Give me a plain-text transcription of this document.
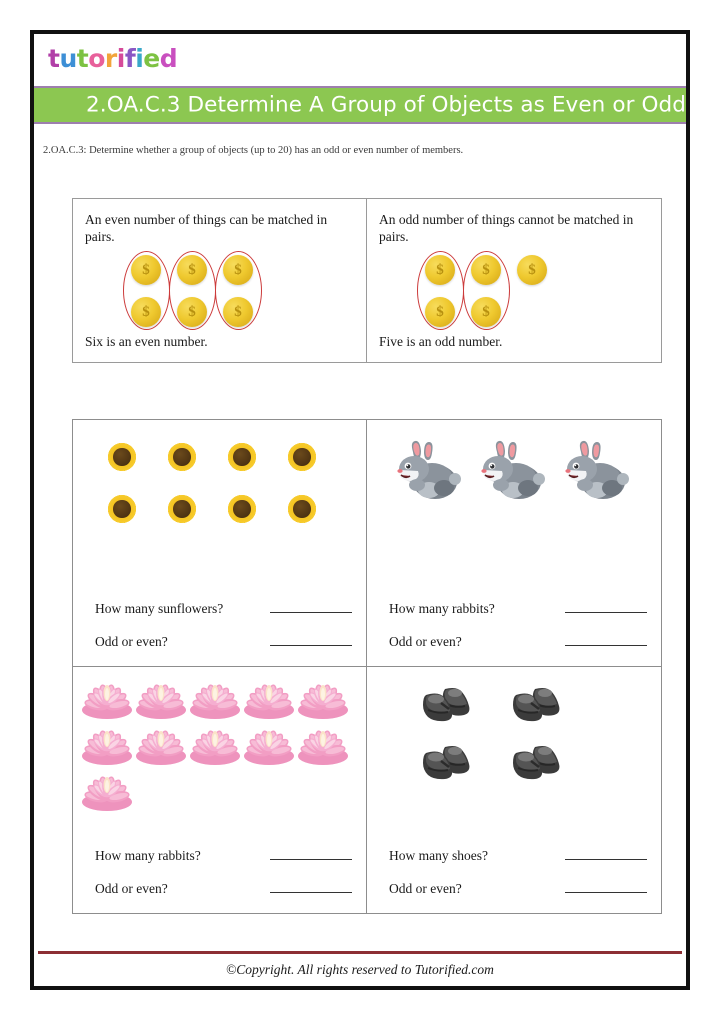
tutorified
2.OA.C.3 Determine A Group of Objects as Even or Odd
2.OA.C.3: Determine whether a group of objects (up to 20) has an odd or even number of members.

An even number of things can be matched in pairs.

$
$
$
$
$
$

Six is an even number.

An odd number of things cannot be matched in pairs.

$
$
$
$
$

Five is an odd number.

How many sunflowers?
Odd or even?
How many rabbits?
Odd or even?
How many rabbits?
Odd or even?
How many shoes?
Odd or even?
©Copyright. All rights reserved to Tutorified.com
